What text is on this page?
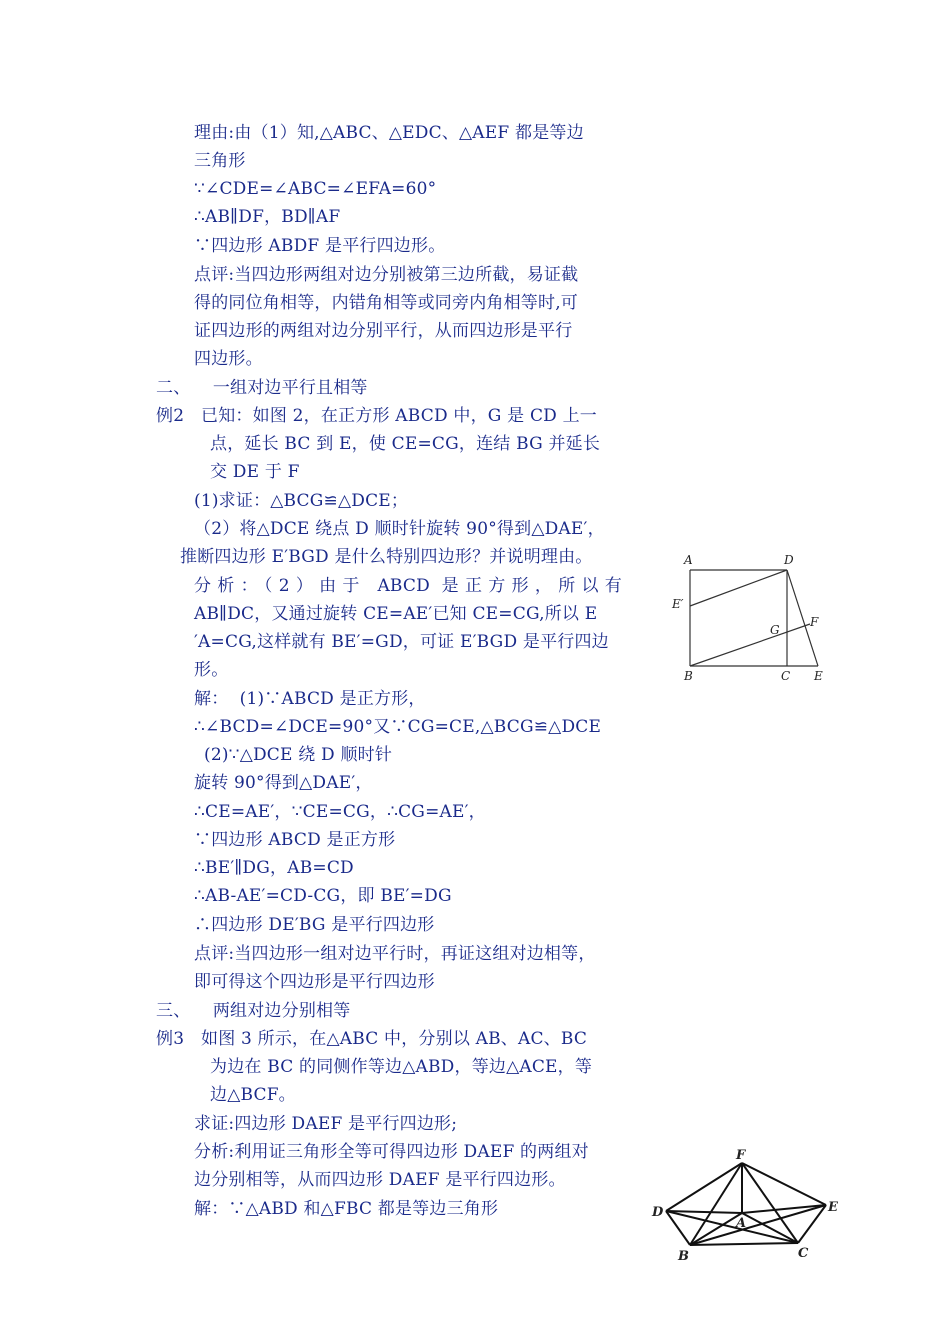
理由:由（1）知,△ABC、△EDC、△AEF 都是等边
三角形
∵∠CDE=∠ABC=∠EFA=60°
∴AB∥DF，BD∥AF
∵四边形 ABDF 是平行四边形。
点评:当四边形两组对边分别被第三边所截，易证截
得的同位角相等，内错角相等或同旁内角相等时,可
证四边形的两组对边分别平行，从而四边形是平行
四边形。
二、    一组对边平行且相等
例2   已知：如图 2，在正方形 ABCD 中，G 是 CD 上一
点，延长 BC 到 E，使 CE=CG，连结 BG 并延长
交 DE 于 F
(1)求证：△BCG≌△DCE；
（2）将△DCE 绕点 D 顺时针旋转 90°得到△DAE′，
推断四边形 E′BGD 是什么特别四边形？并说明理由。
分析：（2）由于 ABCD 是正方形，所以有
AB∥DC，又通过旋转 CE=AE′已知 CE=CG,所以 E
′A=CG,这样就有 BE′=GD，可证 E′BGD 是平行四边
形。
解：  (1)∵ABCD 是正方形，
∴∠BCD=∠DCE=90°又∵CG=CE,△BCG≌△DCE
(2)∵△DCE 绕 D 顺时针
旋转 90°得到△DAE′，
∴CE=AE′，∵CE=CG，∴CG=AE′，
∵四边形 ABCD 是正方形
∴BE′∥DG，AB=CD
∴AB-AE′=CD-CG，即 BE′=DG
∴四边形 DE′BG 是平行四边形
点评:当四边形一组对边平行时，再证这组对边相等，
即可得这个四边形是平行四边形
三、    两组对边分别相等
例3   如图 3 所示，在△ABC 中，分别以 AB、AC、BC
为边在 BC 的同侧作等边△ABD，等边△ACE，等
边△BCF。
求证:四边形 DAEF 是平行四边形;
分析:利用证三角形全等可得四边形 DAEF 的两组对
边分别相等，从而四边形 DAEF 是平行四边形。
解：∵△ABD 和△FBC 都是等边三角形
A	D
E′
G
F
B	C E
F
D	E
A
B	C
